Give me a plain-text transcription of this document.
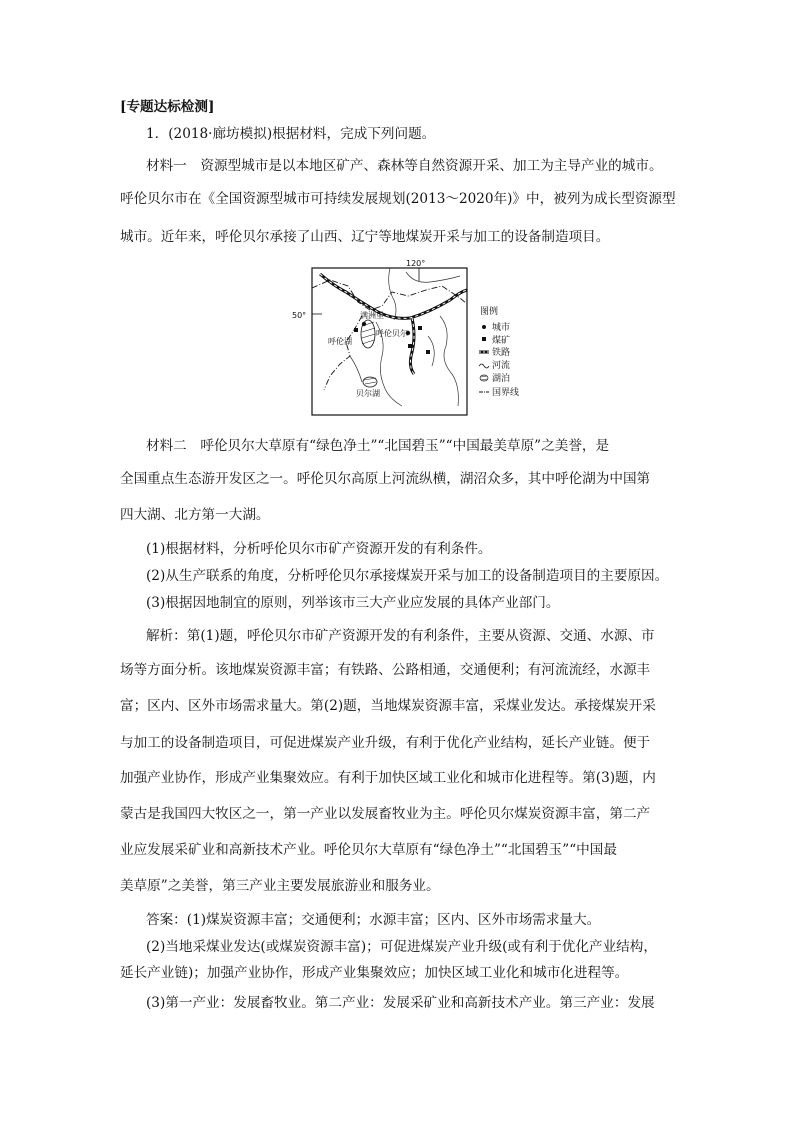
[专题达标检测]
1．(2018·廊坊模拟)根据材料，完成下列问题。
材料一　资源型城市是以本地区矿产、森林等自然资源开采、加工为主导产业的城市。
呼伦贝尔市在《全国资源型城市可持续发展规划(2013～2020年)》中，被列为成长型资源型
城市。近年来，呼伦贝尔承接了山西、辽宁等地煤炭开采与加工的设备制造项目。
120°
50°	满洲里
呼伦贝尔
呼伦湖
贝尔湖
图例
城市
煤矿
铁路
河流
湖泊
国界线
材料二　呼伦贝尔大草原有“绿色净土”“北国碧玉”“中国最美草原”之美誉，是
全国重点生态游开发区之一。呼伦贝尔高原上河流纵横，湖沼众多，其中呼伦湖为中国第
四大湖、北方第一大湖。
(1)根据材料，分析呼伦贝尔市矿产资源开发的有利条件。
(2)从生产联系的角度，分析呼伦贝尔承接煤炭开采与加工的设备制造项目的主要原因。
(3)根据因地制宜的原则，列举该市三大产业应发展的具体产业部门。
解析：第(1)题，呼伦贝尔市矿产资源开发的有利条件，主要从资源、交通、水源、市
场等方面分析。该地煤炭资源丰富；有铁路、公路相通，交通便利；有河流流经，水源丰
富；区内、区外市场需求量大。第(2)题，当地煤炭资源丰富，采煤业发达。承接煤炭开采
与加工的设备制造项目，可促进煤炭产业升级，有利于优化产业结构，延长产业链。便于
加强产业协作，形成产业集聚效应。有利于加快区域工业化和城市化进程等。第(3)题，内
蒙古是我国四大牧区之一，第一产业以发展畜牧业为主。呼伦贝尔煤炭资源丰富，第二产
业应发展采矿业和高新技术产业。呼伦贝尔大草原有“绿色净土”“北国碧玉”“中国最
美草原”之美誉，第三产业主要发展旅游业和服务业。
答案：(1)煤炭资源丰富；交通便利；水源丰富；区内、区外市场需求量大。
(2)当地采煤业发达(或煤炭资源丰富)；可促进煤炭产业升级(或有利于优化产业结构，
延长产业链)；加强产业协作，形成产业集聚效应；加快区域工业化和城市化进程等。
(3)第一产业：发展畜牧业。第二产业：发展采矿业和高新技术产业。第三产业：发展
